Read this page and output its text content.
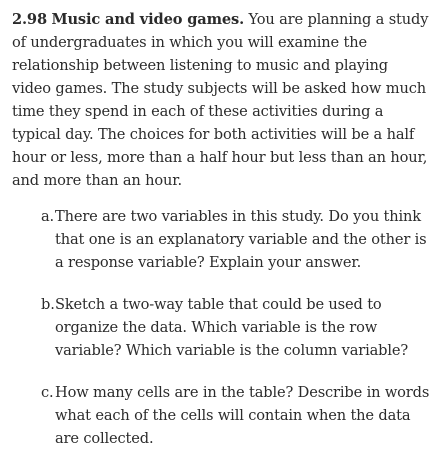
2.98 Music and video games. You are planning a study of undergraduates in which you will examine the relationship between listening to music and playing video games. The study subjects will be asked how much time they spend in each of these activities during a typical day. The choices for both activities will be a half hour or less, more than a half hour but less than an hour, and more than an hour.

a. There are two variables in this study. Do you think that one is an explanatory variable and the other is a response variable? Explain your answer.
b. Sketch a two-way table that could be used to organize the data. Which variable is the row variable? Which variable is the column variable?
c. How many cells are in the table? Describe in words what each of the cells will contain when the data are collected.
